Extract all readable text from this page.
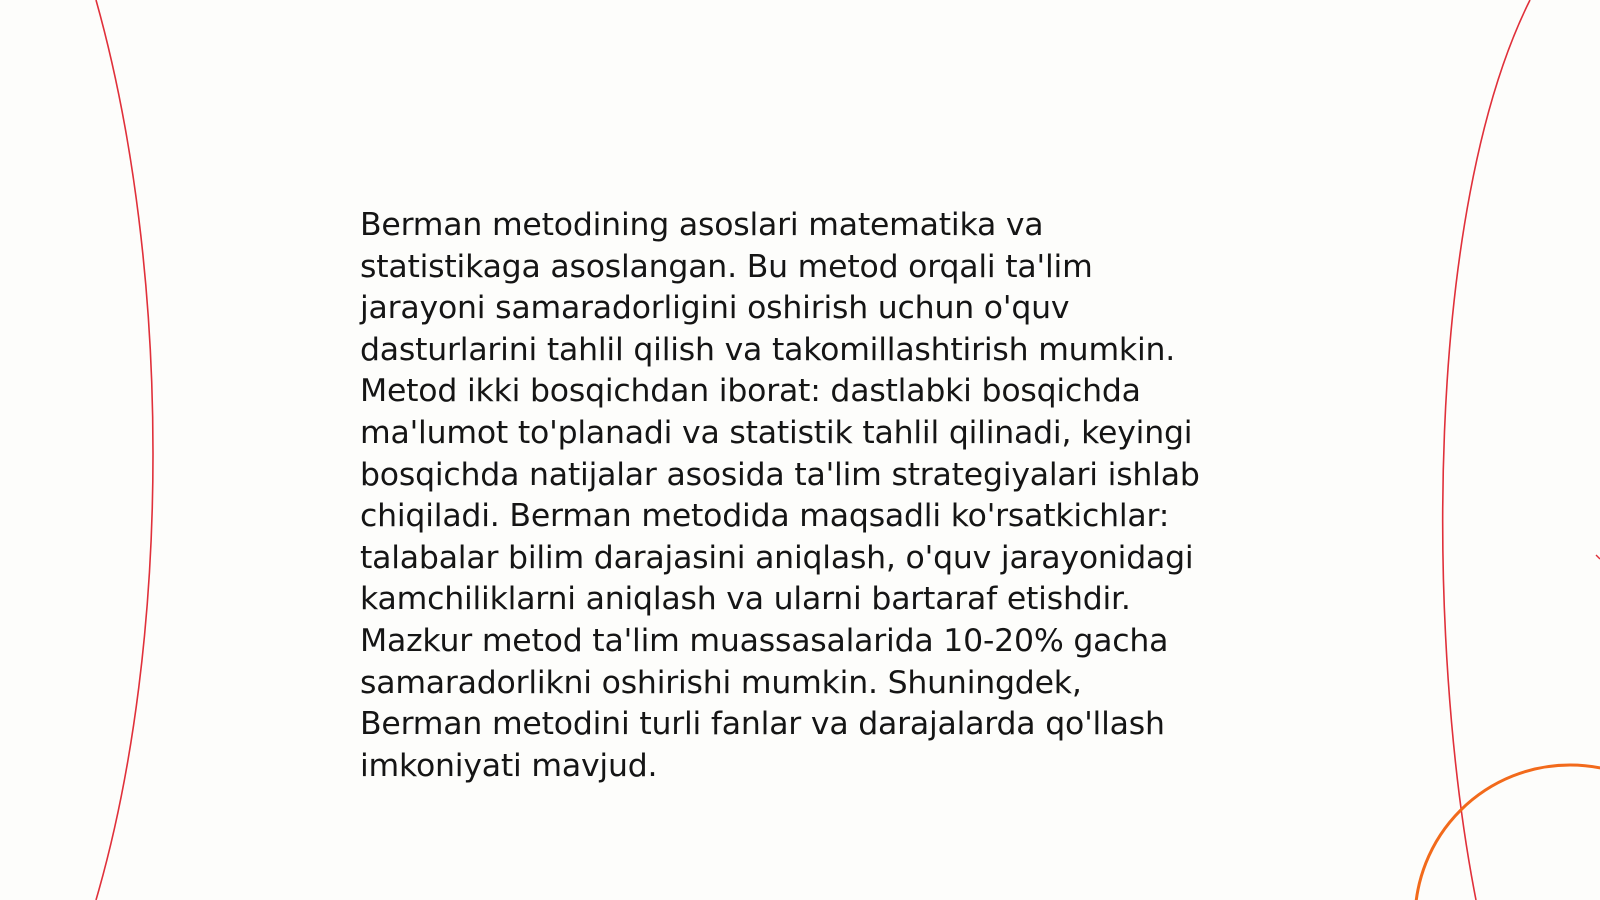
Berman metodining asoslari matematika va
statistikaga asoslangan. Bu metod orqali ta'lim
jarayoni samaradorligini oshirish uchun o'quv
dasturlarini tahlil qilish va takomillashtirish mumkin.
Metod ikki bosqichdan iborat: dastlabki bosqichda
ma'lumot to'planadi va statistik tahlil qilinadi, keyingi
bosqichda natijalar asosida ta'lim strategiyalari ishlab
chiqiladi. Berman metodida maqsadli ko'rsatkichlar:
talabalar bilim darajasini aniqlash, o'quv jarayonidagi
kamchiliklarni aniqlash va ularni bartaraf etishdir.
Mazkur metod ta'lim muassasalarida 10-20% gacha
samaradorlikni oshirishi mumkin. Shuningdek,
Berman metodini turli fanlar va darajalarda qo'llash
imkoniyati mavjud.
